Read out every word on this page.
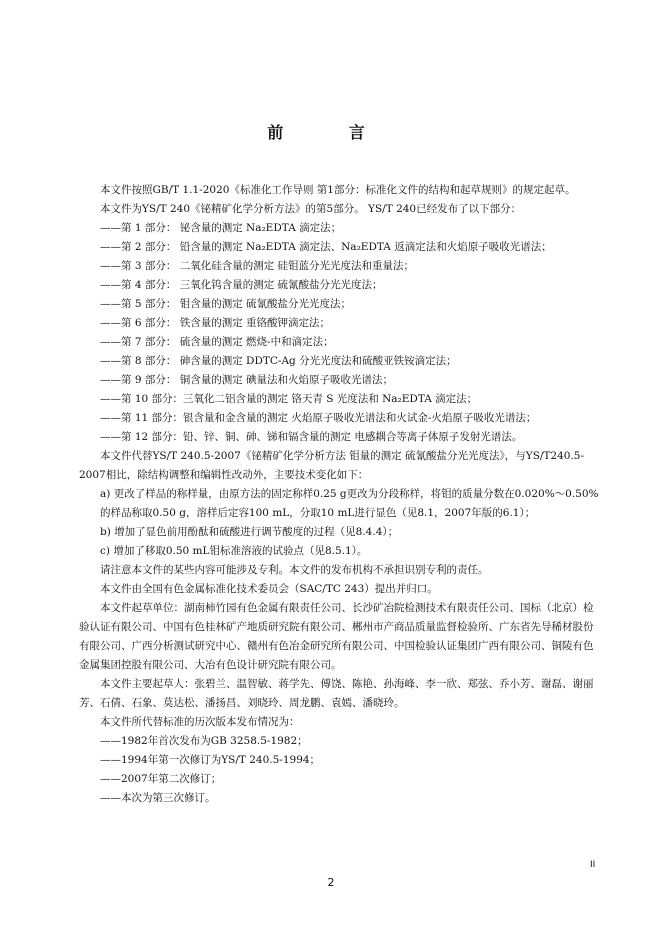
前 言

本文件按照GB/T 1.1-2020《标准化工作导则 第1部分：标准化文件的结构和起草规则》的规定起草。

本文件为YS/T 240《铋精矿化学分析方法》的第5部分。 YS/T 240已经发布了以下部分：

——第 1 部分： 铋含量的测定 Na₂EDTA 滴定法；

——第 2 部分： 铅含量的测定 Na₂EDTA 滴定法、Na₂EDTA 返滴定法和火焰原子吸收光谱法；

——第 3 部分： 二氧化硅含量的测定 硅钼蓝分光光度法和重量法；

——第 4 部分： 三氧化钨含量的测定 硫氰酸盐分光光度法；

——第 5 部分： 钼含量的测定 硫氰酸盐分光光度法；

——第 6 部分： 铁含量的测定 重铬酸钾滴定法；

——第 7 部分： 硫含量的测定 燃烧-中和滴定法；

——第 8 部分： 砷含量的测定 DDTC-Ag 分光光度法和硫酸亚铁铵滴定法；

——第 9 部分： 铜含量的测定 碘量法和火焰原子吸收光谱法；

——第 10 部分：三氧化二铝含量的测定 铬天青 S 光度法和 Na₂EDTA 滴定法；

——第 11 部分：银含量和金含量的测定 火焰原子吸收光谱法和火试金-火焰原子吸收光谱法；

——第 12 部分：铅、锌、铜、砷、锑和镉含量的测定 电感耦合等离子体原子发射光谱法。

本文件代替YS/T 240.5-2007《铋精矿化学分析方法 钼量的测定 硫氰酸盐分光光度法》，与YS/T240.5-2007相比，除结构调整和编辑性改动外，主要技术变化如下：

a) 更改了样品的称样量，由原方法的固定称样0.25 g更改为分段称样，将钼的质量分数在0.020%～0.50%的样品称取0.50 g，溶样后定容100 mL，分取10 mL进行显色（见8.1，2007年版的6.1）；

b) 增加了显色前用酚酞和硫酸进行调节酸度的过程（见8.4.4）；

c) 增加了移取0.50 mL钼标准溶液的试验点（见8.5.1）。

请注意本文件的某些内容可能涉及专利。本文件的发布机构不承担识别专利的责任。

本文件由全国有色金属标准化技术委员会（SAC/TC 243）提出并归口。

本文件起草单位：湖南柿竹园有色金属有限责任公司、长沙矿冶院检测技术有限责任公司、国标（北京）检验认证有限公司、中国有色桂林矿产地质研究院有限公司、郴州市产商品质量监督检验所、广东省先导稀材股份有限公司、广西分析测试研究中心、赣州有色冶金研究所有限公司、中国检验认证集团广西有限公司、铜陵有色金属集团控股有限公司、大冶有色设计研究院有限公司。

本文件主要起草人：张碧兰、温智敏、蒋学先、傅饶、陈艳、孙海峰、李一欣、郑弦、乔小芳、谢磊、谢丽芳、石倩、石象、莫达松、潘扬昌、刘晓玲、周龙鹏、袁嫣、潘晓玲。

本文件所代替标准的历次版本发布情况为：

——1982年首次发布为GB 3258.5-1982；

——1994年第一次修订为YS/T 240.5-1994；

——2007年第二次修订；

——本次为第三次修订。

II
2
